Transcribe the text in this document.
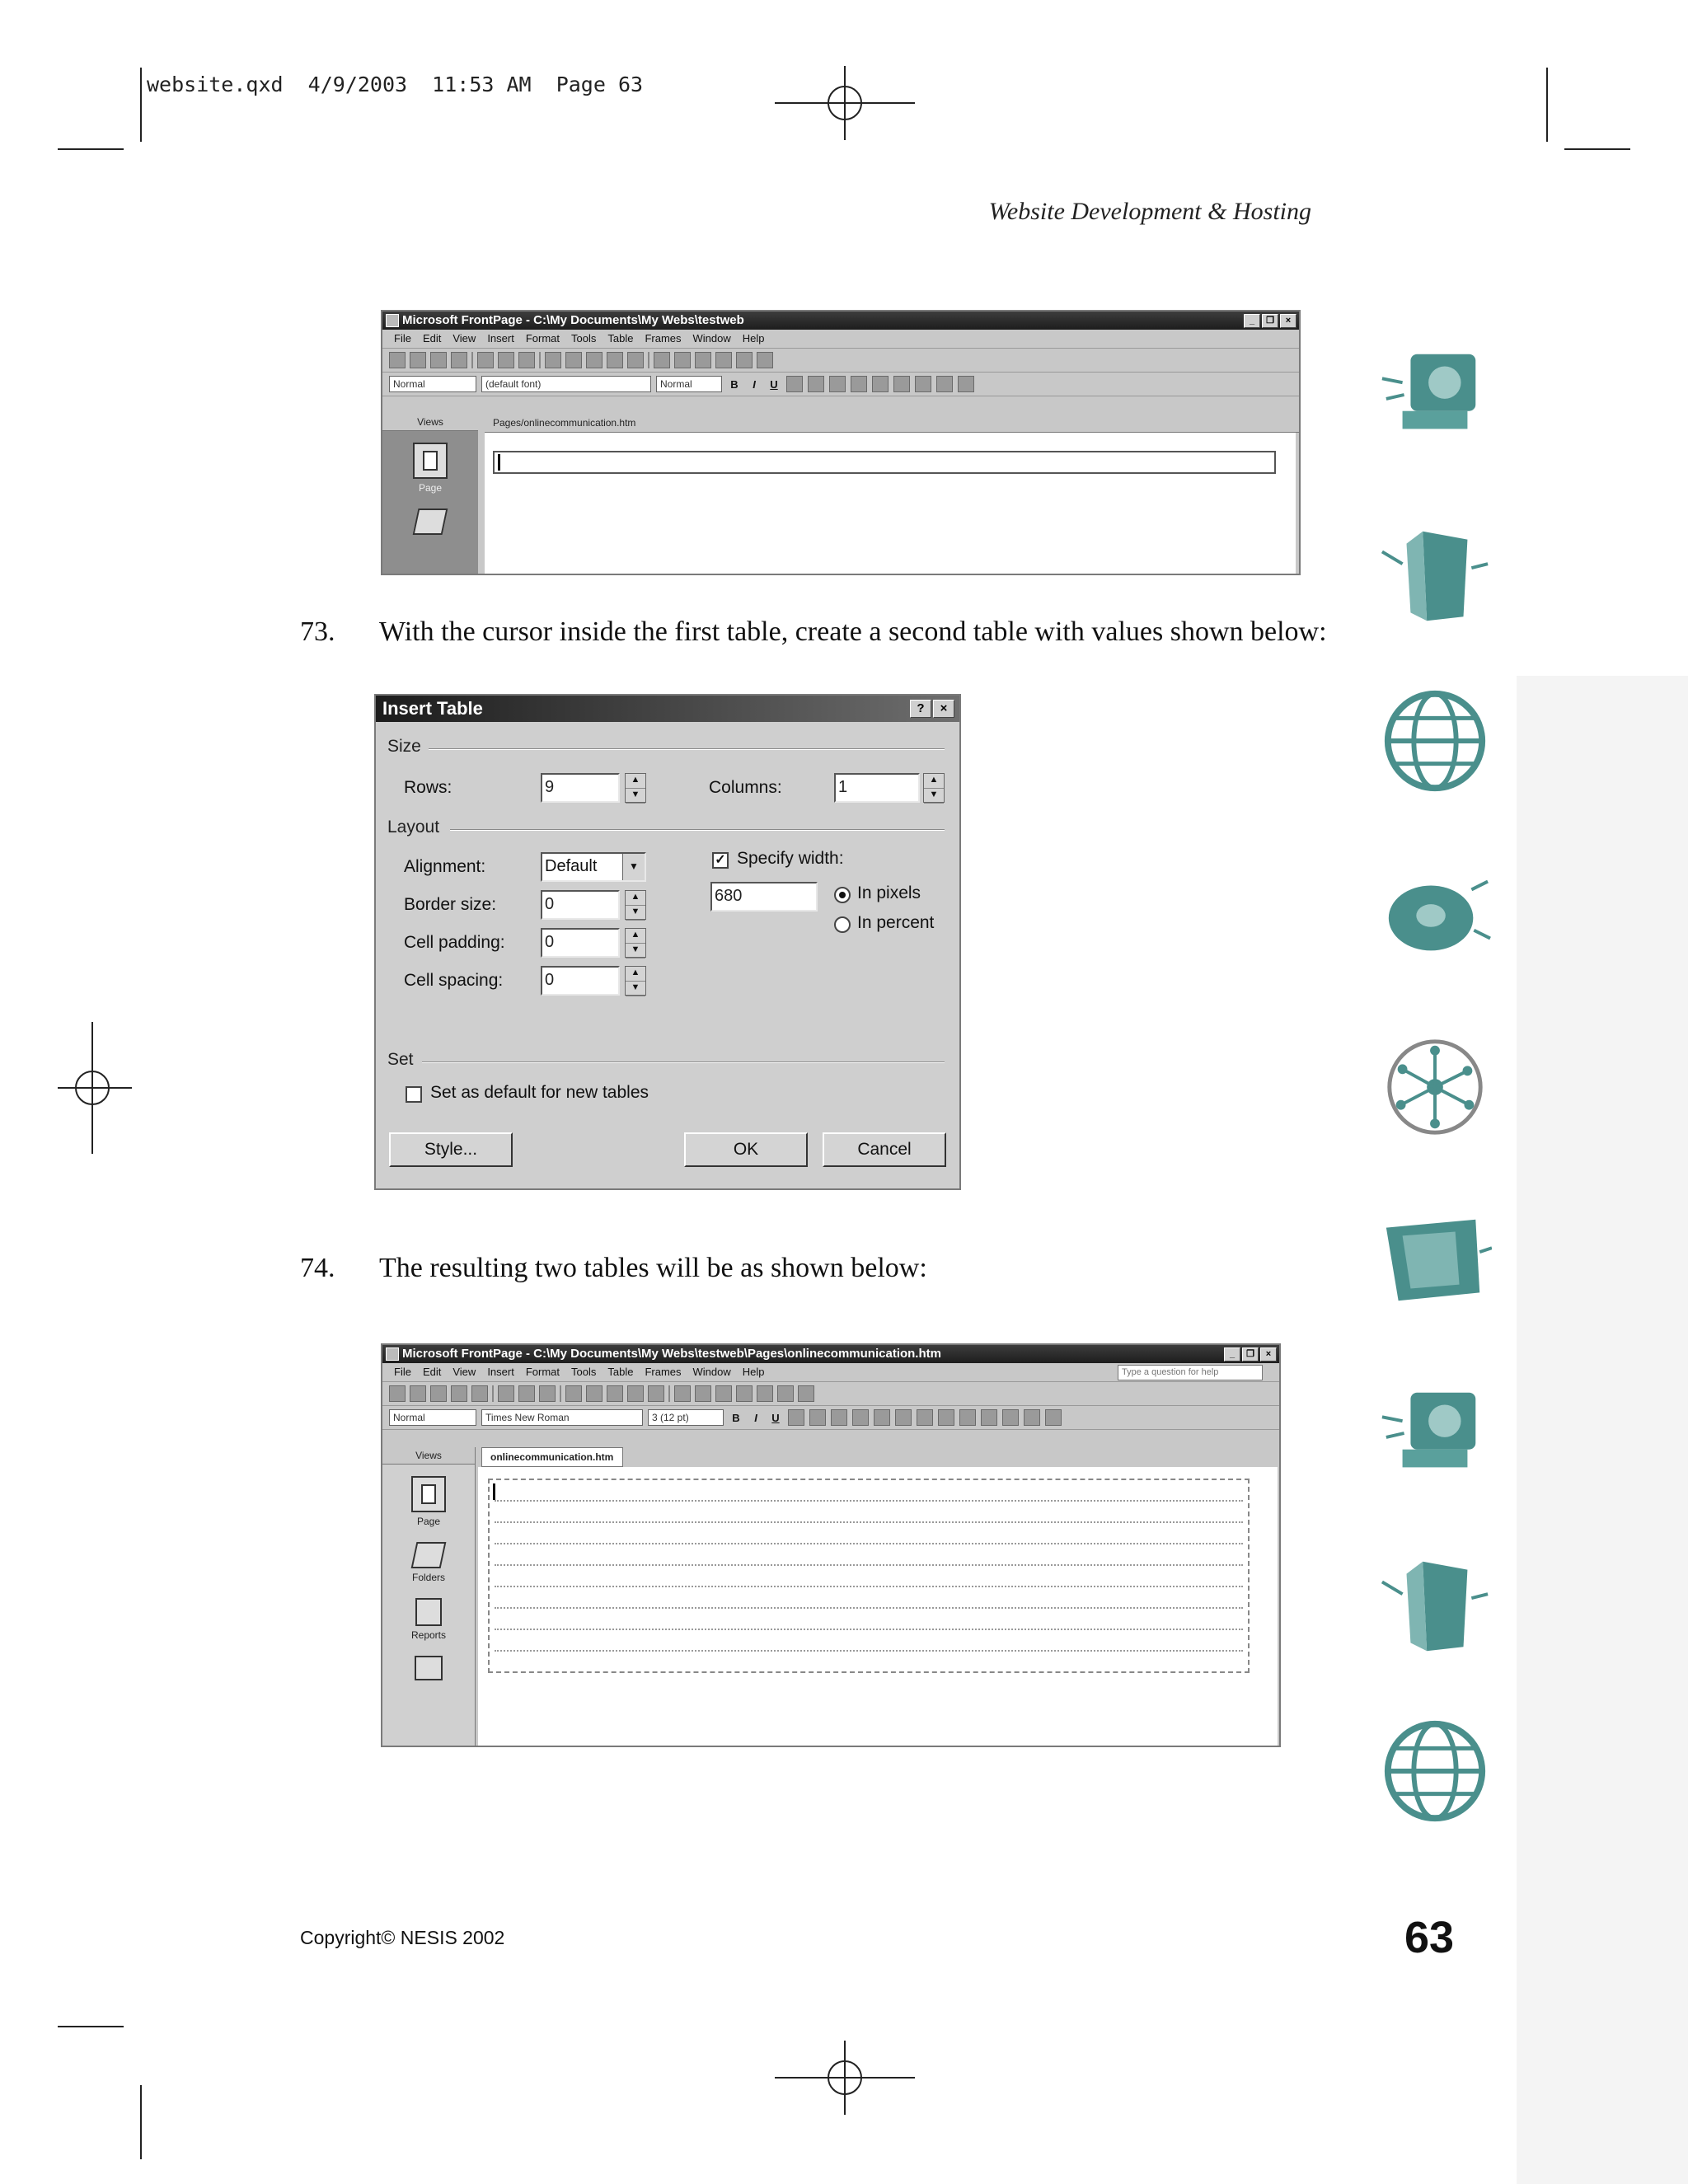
website.qxd  4/9/2003  11:53 AM  Page 63
Website Development & Hosting
Microsoft FrontPage - C:\My Documents\My Webs\testweb	_	❐	×
File Edit View Insert Format Tools Table Frames Window Help
Normal	(default font)	Normal	B	I	U
Views
Page
Pages/onlinecommunication.htm
73. With the cursor inside the first table, create a second table with values shown below:
Insert Table	?	×
Size
Rows:	9	▲
▼	Columns:	1	▲
▼
Layout
Alignment:	Default	▼
Border size:	0	▲
▼
Cell padding: 0	▲
▼
Cell spacing:	0	▲
▼
✓ Specify width:
680	In pixels
In percent
Set
Set as default for new tables
Style...	OK	Cancel
74. The resulting two tables will be as shown below:
Microsoft FrontPage - C:\My Documents\My Webs\testweb\Pages\onlinecommunication.htm	_	❐	×
File Edit View Insert Format Tools Table Frames Window Help	Type a question for help
Normal	Times New Roman	3 (12 pt)	B	I	U
Views
Page
Folders
Reports
onlinecommunication.htm
Copyright© NESIS 2002	63
